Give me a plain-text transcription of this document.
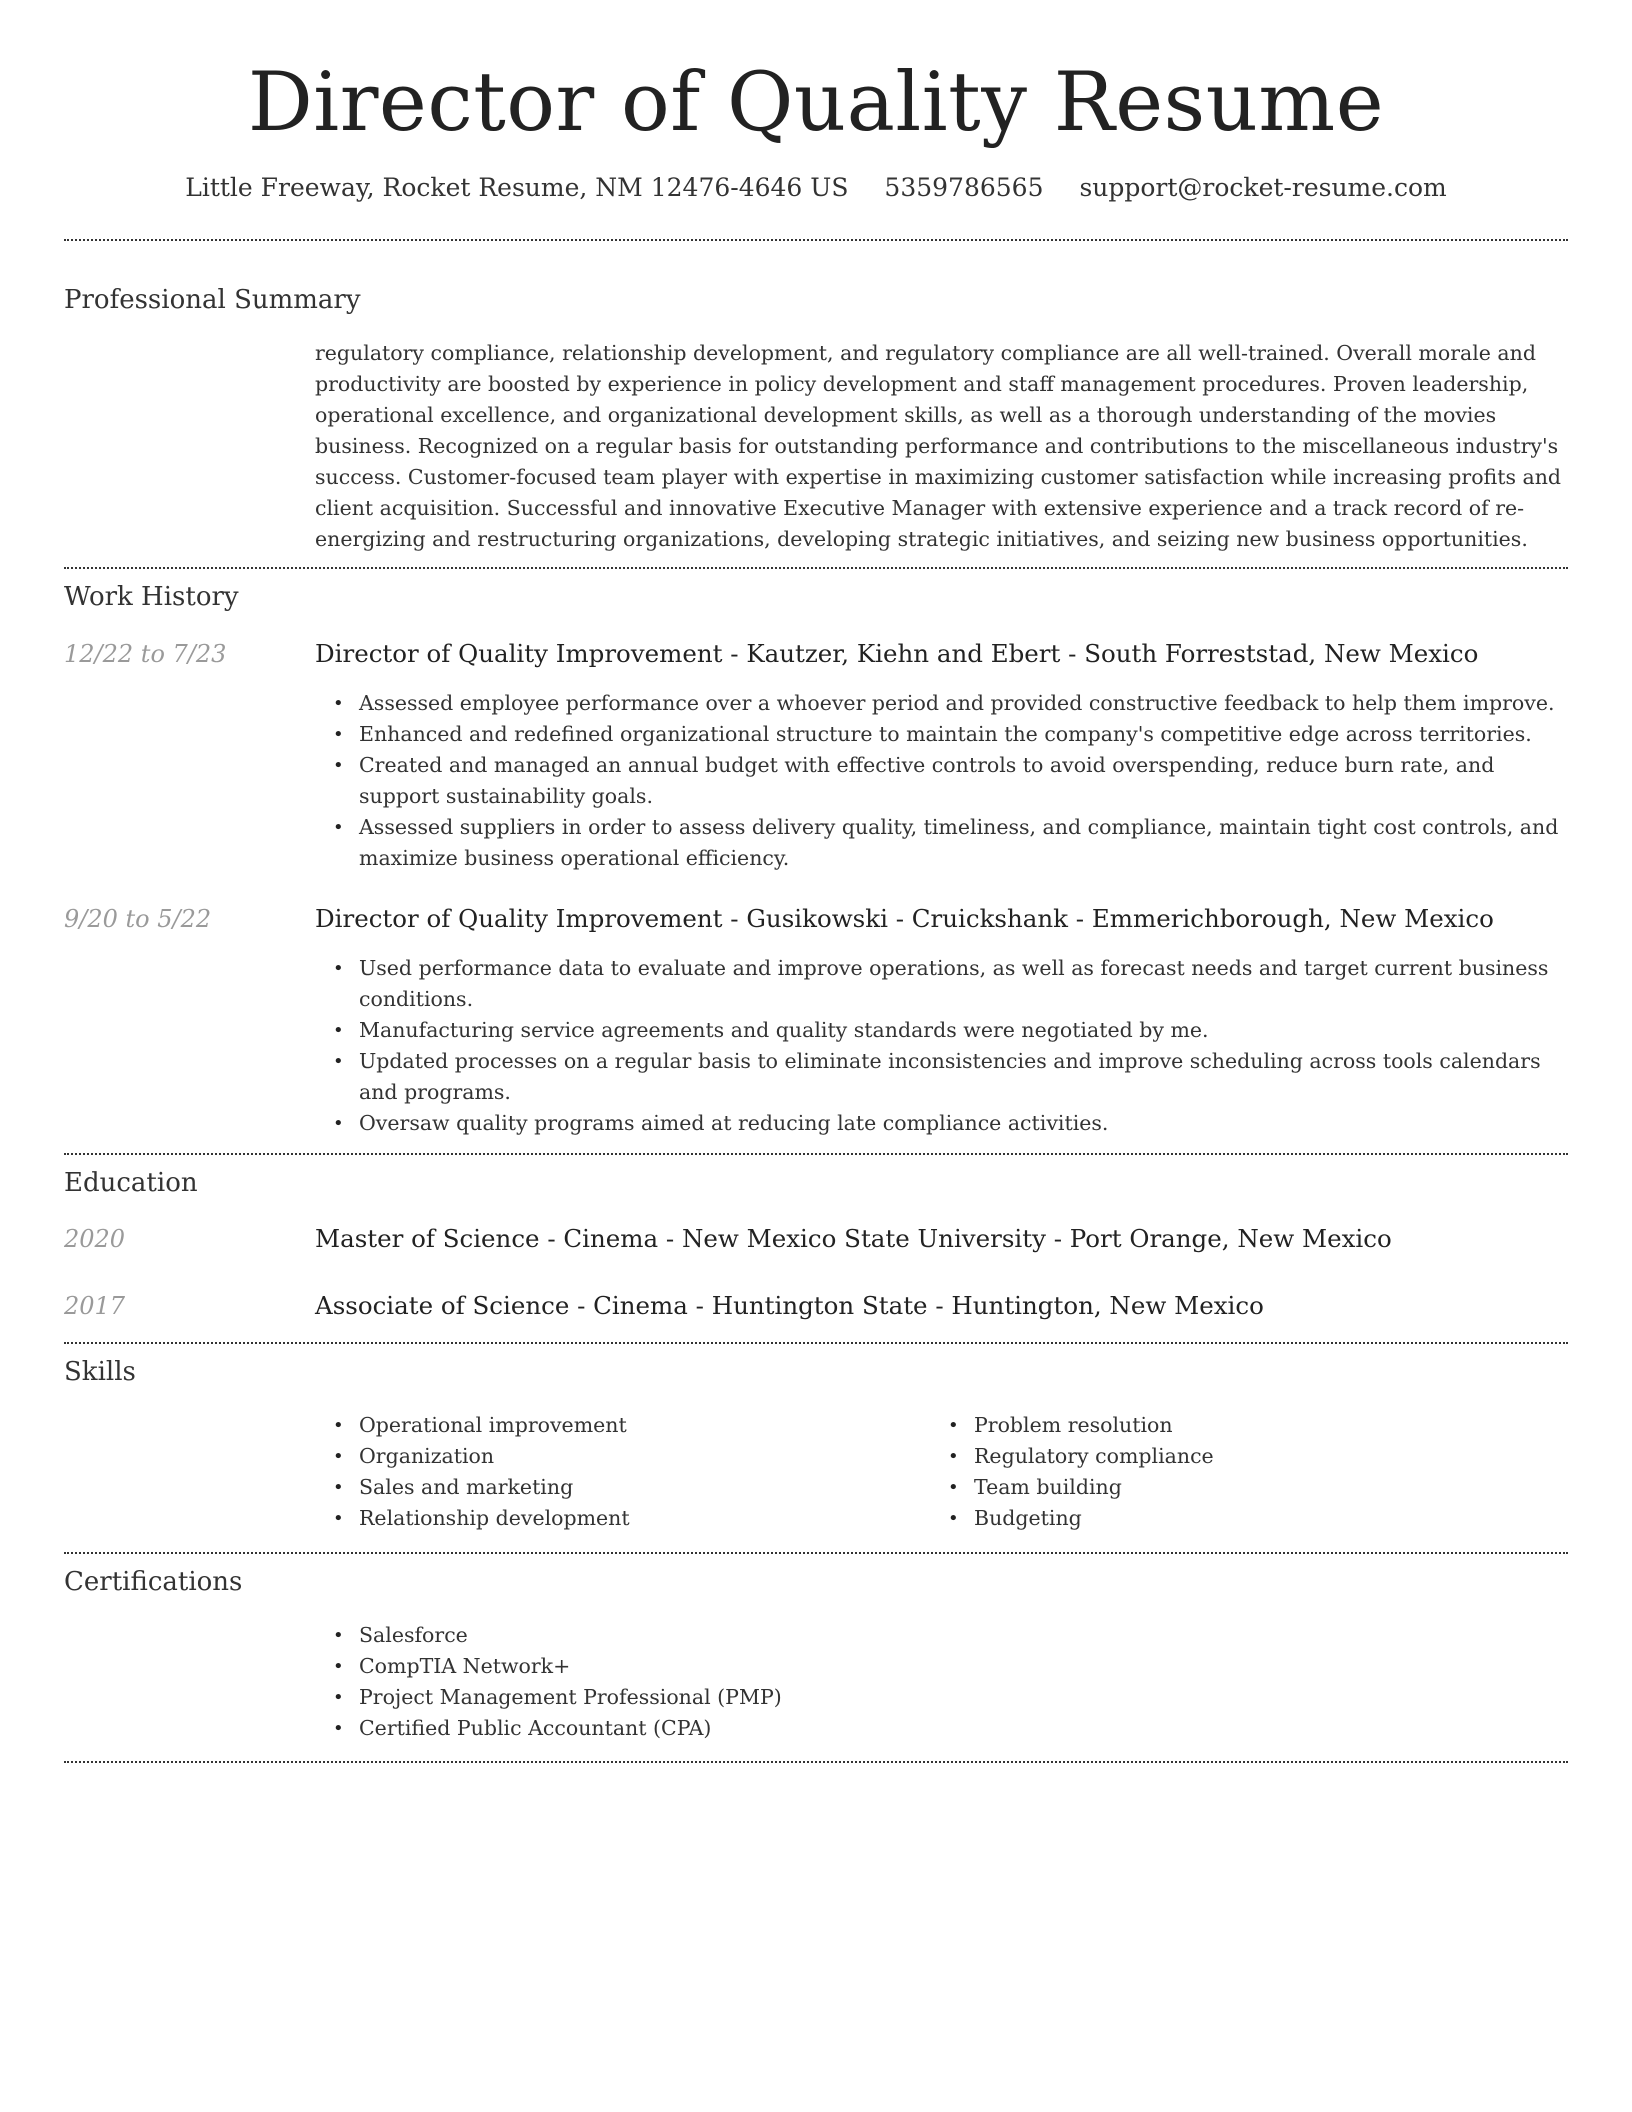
Director of Quality Resume
Little Freeway, Rocket Resume, NM 12476-4646 US 5359786565 support@rocket-resume.com
Professional Summary
regulatory compliance, relationship development, and regulatory compliance are all well-trained. Overall morale and productivity are boosted by experience in policy development and staff management procedures. Proven leadership, operational excellence, and organizational development skills, as well as a thorough understanding of the movies business. Recognized on a regular basis for outstanding performance and contributions to the miscellaneous industry's success. Customer-focused team player with expertise in maximizing customer satisfaction while increasing profits and client acquisition. Successful and innovative Executive Manager with extensive experience and a track record of re-energizing and restructuring organizations, developing strategic initiatives, and seizing new business opportunities.
Work History
12/22 to 7/23	Director of Quality Improvement - Kautzer, Kiehn and Ebert - South Forreststad, New Mexico
• Assessed employee performance over a whoever period and provided constructive feedback to help them improve.
• Enhanced and redefined organizational structure to maintain the company's competitive edge across territories.
• Created and managed an annual budget with effective controls to avoid overspending, reduce burn rate, and support sustainability goals.
• Assessed suppliers in order to assess delivery quality, timeliness, and compliance, maintain tight cost controls, and maximize business operational efficiency.
9/20 to 5/22	Director of Quality Improvement - Gusikowski - Cruickshank - Emmerichborough, New Mexico
• Used performance data to evaluate and improve operations, as well as forecast needs and target current business conditions.
• Manufacturing service agreements and quality standards were negotiated by me.
• Updated processes on a regular basis to eliminate inconsistencies and improve scheduling across tools calendars and programs.
• Oversaw quality programs aimed at reducing late compliance activities.
Education
2020	Master of Science - Cinema - New Mexico State University - Port Orange, New Mexico
2017	Associate of Science - Cinema - Huntington State - Huntington, New Mexico
Skills
• Operational improvement
• Organization
• Sales and marketing
• Relationship development
• Problem resolution
• Regulatory compliance
• Team building
• Budgeting
Certifications
• Salesforce
• CompTIA Network+
• Project Management Professional (PMP)
• Certified Public Accountant (CPA)
